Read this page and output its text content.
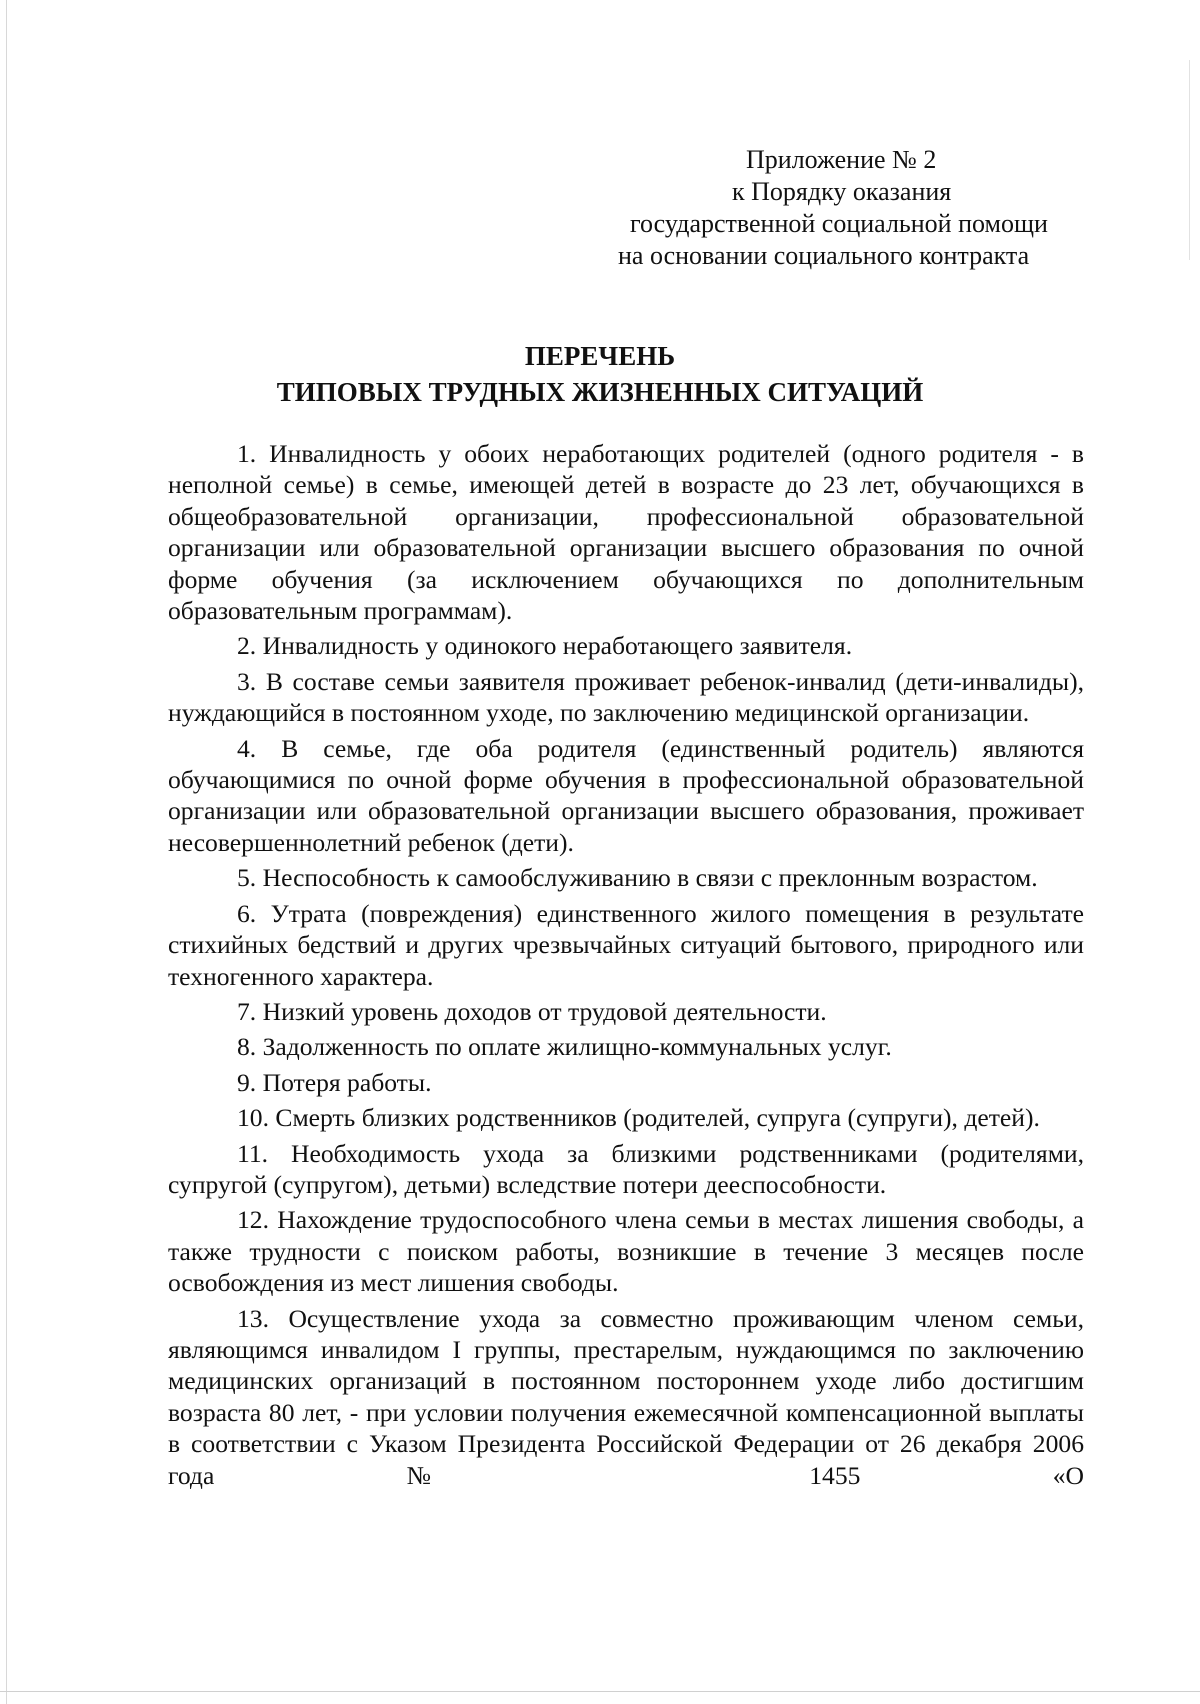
Приложение № 2
к Порядку оказания
государственной социальной помощи
на основании социального контракта
ПЕРЕЧЕНЬ
ТИПОВЫХ ТРУДНЫХ ЖИЗНЕННЫХ СИТУАЦИЙ

1. Инвалидность у обоих неработающих родителей (одного родителя - в неполной семье) в семье, имеющей детей в возрасте до 23 лет, обучающихся в общеобразовательной организации, профессиональной образовательной организации или образовательной организации высшего образования по очной форме обучения (за исключением обучающихся по дополнительным образовательным программам).

2. Инвалидность у одинокого неработающего заявителя.

3. В составе семьи заявителя проживает ребенок-инвалид (дети-инвалиды), нуждающийся в постоянном уходе, по заключению медицинской организации.

4. В семье, где оба родителя (единственный родитель) являются обучающимися по очной форме обучения в профессиональной образовательной организации или образовательной организации высшего образования, проживает несовершеннолетний ребенок (дети).

5. Неспособность к самообслуживанию в связи с преклонным возрастом.

6. Утрата (повреждения) единственного жилого помещения в результате стихийных бедствий и других чрезвычайных ситуаций бытового, природного или техногенного характера.

7. Низкий уровень доходов от трудовой деятельности.

8. Задолженность по оплате жилищно-коммунальных услуг.

9. Потеря работы.

10. Смерть близких родственников (родителей, супруга (супруги), детей).

11. Необходимость ухода за близкими родственниками (родителями, супругой (супругом), детьми) вследствие потери дееспособности.

12. Нахождение трудоспособного члена семьи в местах лишения свободы, а также трудности с поиском работы, возникшие в течение 3 месяцев после освобождения из мест лишения свободы.

13. Осуществление ухода за совместно проживающим членом семьи, являющимся инвалидом I группы, престарелым, нуждающимся по заключению медицинских организаций в постоянном постороннем уходе либо достигшим возраста 80 лет, - при условии получения ежемесячной компенсационной выплаты в соответствии с Указом Президента Российской Федерации от 26 декабря 2006 года № 1455 «О
